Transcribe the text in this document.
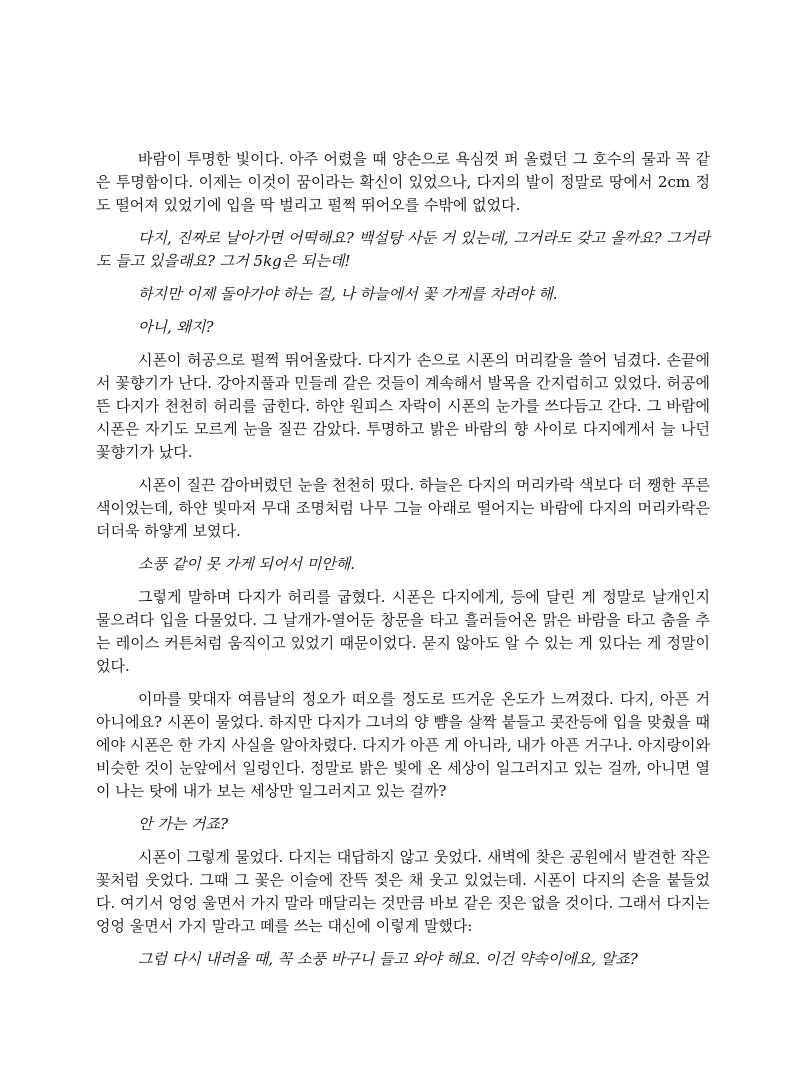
바람이 투명한 빛이다. 아주 어렸을 때 양손으로 욕심껏 퍼 올렸던 그 호수의 물과 꼭 같은 투명함이다. 이제는 이것이 꿈이라는 확신이 있었으나, 다지의 발이 정말로 땅에서 2cm 정도 떨어져 있었기에 입을 딱 벌리고 펄쩍 뛰어오를 수밖에 없었다.

다지, 진짜로 날아가면 어떡해요? 백설탕 사둔 거 있는데, 그거라도 갖고 올까요? 그거라도 들고 있을래요? 그거 5kg은 되는데!

하지만 이제 돌아가야 하는 걸, 나 하늘에서 꽃 가게를 차려야 해.

아니, 왜지?

시폰이 허공으로 펄쩍 뛰어올랐다. 다지가 손으로 시폰의 머리칼을 쓸어 넘겼다. 손끝에서 꽃향기가 난다. 강아지풀과 민들레 같은 것들이 계속해서 발목을 간지럽히고 있었다. 허공에 뜬 다지가 천천히 허리를 굽힌다. 하얀 원피스 자락이 시폰의 눈가를 쓰다듬고 간다. 그 바람에 시폰은 자기도 모르게 눈을 질끈 감았다. 투명하고 밝은 바람의 향 사이로 다지에게서 늘 나던 꽃향기가 났다.

시폰이 질끈 감아버렸던 눈을 천천히 떴다. 하늘은 다지의 머리카락 색보다 더 쨍한 푸른색이었는데, 하얀 빛마저 무대 조명처럼 나무 그늘 아래로 떨어지는 바람에 다지의 머리카락은 더더욱 하얗게 보였다.

소풍 같이 못 가게 되어서 미안해.

그렇게 말하며 다지가 허리를 굽혔다. 시폰은 다지에게, 등에 달린 게 정말로 날개인지 물으려다 입을 다물었다. 그 날개가-열어둔 창문을 타고 흘러들어온 맑은 바람을 타고 춤을 추는 레이스 커튼처럼 움직이고 있었기 때문이었다. 묻지 않아도 알 수 있는 게 있다는 게 정말이었다.

이마를 맞대자 여름날의 정오가 떠오를 정도로 뜨거운 온도가 느껴졌다. 다지, 아픈 거 아니에요? 시폰이 물었다. 하지만 다지가 그녀의 양 뺨을 살짝 붙들고 콧잔등에 입을 맞췄을 때에야 시폰은 한 가지 사실을 알아차렸다. 다지가 아픈 게 아니라, 내가 아픈 거구나. 아지랑이와 비슷한 것이 눈앞에서 일렁인다. 정말로 밝은 빛에 온 세상이 일그러지고 있는 걸까, 아니면 열이 나는 탓에 내가 보는 세상만 일그러지고 있는 걸까?

안 가는 거죠?

시폰이 그렇게 물었다. 다지는 대답하지 않고 웃었다. 새벽에 찾은 공원에서 발견한 작은 꽃처럼 웃었다. 그때 그 꽃은 이슬에 잔뜩 젖은 채 웃고 있었는데. 시폰이 다지의 손을 붙들었다. 여기서 엉엉 울면서 가지 말라 매달리는 것만큼 바보 같은 짓은 없을 것이다. 그래서 다지는 엉엉 울면서 가지 말라고 떼를 쓰는 대신에 이렇게 말했다:

그럼 다시 내려올 때, 꼭 소풍 바구니 들고 와야 해요. 이건 약속이에요, 알죠?
